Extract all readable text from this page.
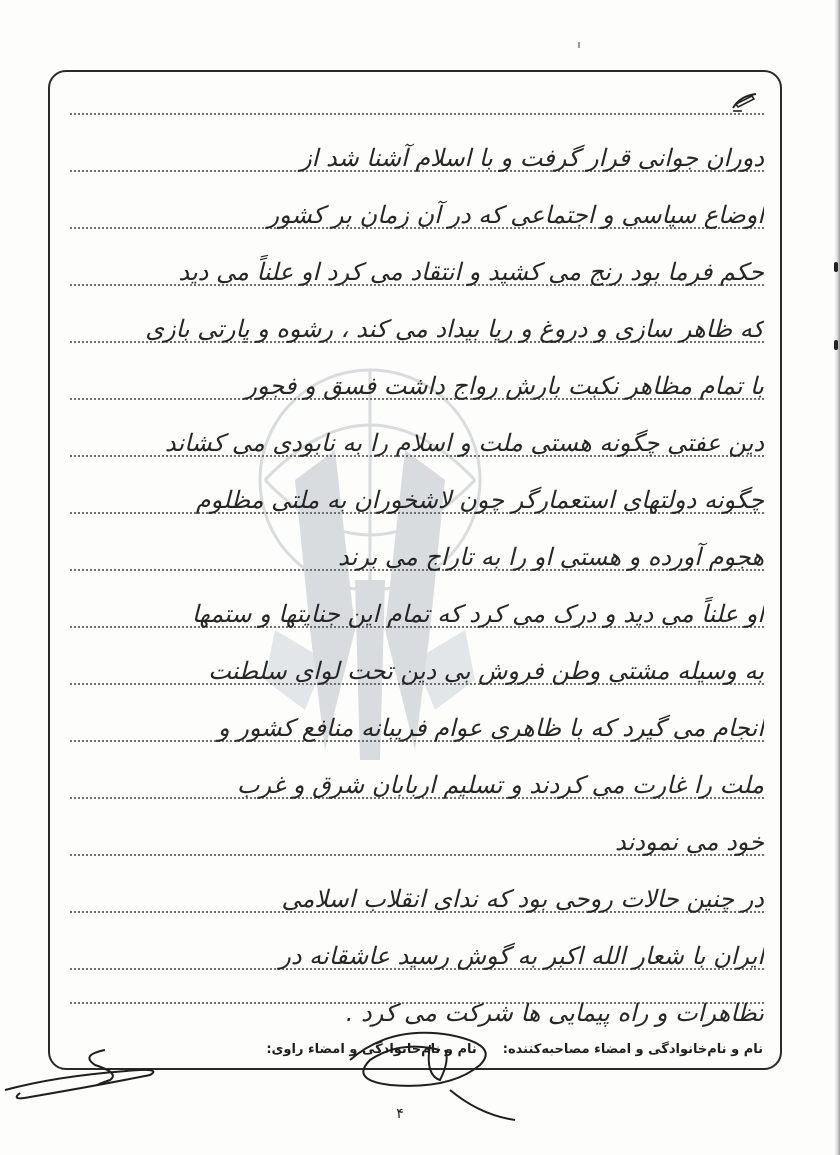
دوران جوانی قرار گرفت و با اسلام آشنا شد از
اوضاع سیاسی و اجتماعی که در آن زمان بر کشور
حکم فرما بود رنج می کشید و انتقاد می کرد او علناً می دید
که ظاهر سازی و دروغ و ریا بیداد می کند ، رشوه و پارتی بازی
با تمام مظاهر نکبت بارش رواج داشت فسق و فجور
دین عفتی چگونه هستی ملت و اسلام را به نابودی می کشاند
چگونه دولتهای استعمارگر چون لاشخوران به ملتی مظلوم
هجوم آورده و هستی او را به تاراج می برند
او علناً می دید و درک می کرد که تمام این جنایتها و ستمها
به وسیله مشتی وطن فروش بی دین تحت لوای سلطنت
انجام می گیرد که با ظاهری عوام فریبانه منافع کشور و
ملت را غارت می کردند و تسلیم اربابان شرق و غرب
خود می نمودند
در چنین حالات روحی بود که ندای انقلاب اسلامی
ایران با شعار الله اکبر به گوش رسید عاشقانه در
تظاهرات و راه پیمایی ها شرکت می کرد .
نام و نام‌خانوادگی و امضاء مصاحبه‌کننده:نام و نام‌خانوادگی و امضاء راوی:
۴
